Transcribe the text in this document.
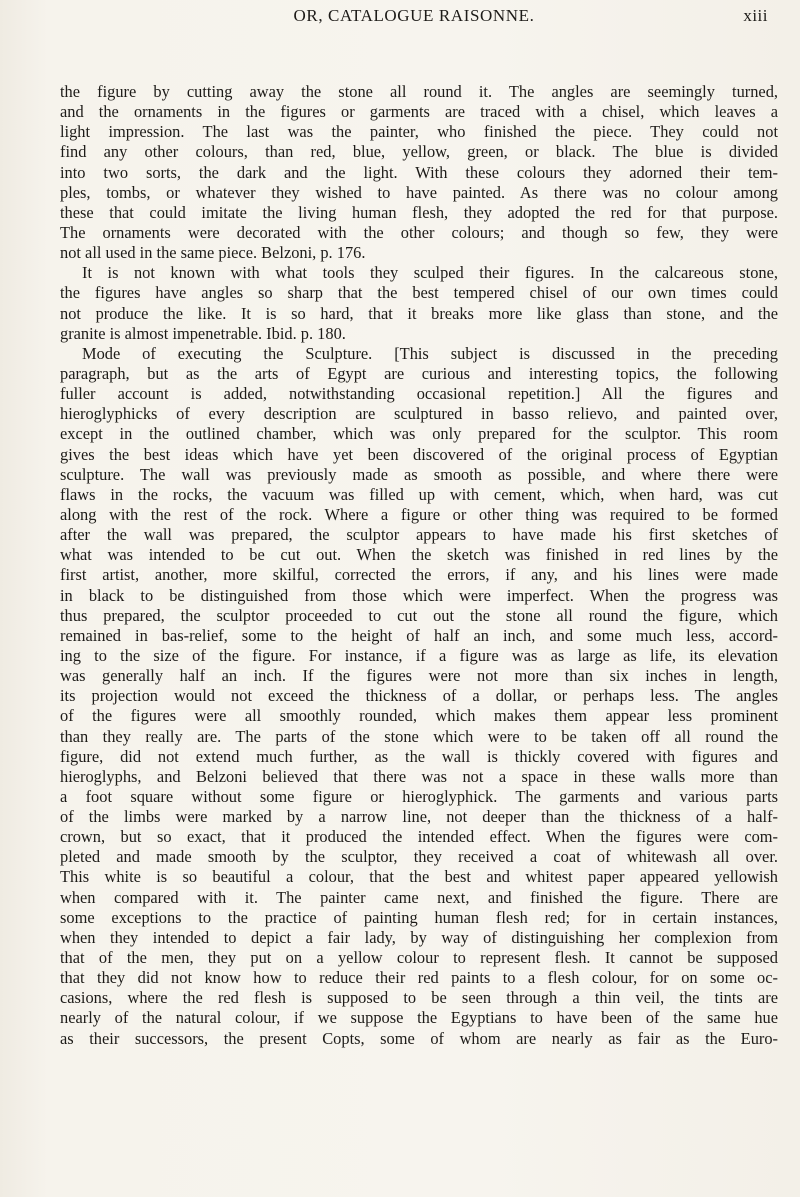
OR, CATALOGUE RAISONNE.	xiii
the figure by cutting away the stone all round it. The angles are seemingly turned,
and the ornaments in the figures or garments are traced with a chisel, which leaves a
light impression. The last was the painter, who finished the piece. They could not
find any other colours, than red, blue, yellow, green, or black. The blue is divided
into two sorts, the dark and the light. With these colours they adorned their tem-
ples, tombs, or whatever they wished to have painted. As there was no colour among
these that could imitate the living human flesh, they adopted the red for that purpose.
The ornaments were decorated with the other colours; and though so few, they were
not all used in the same piece. Belzoni, p. 176.
It is not known with what tools they sculped their figures. In the calcareous stone,
the figures have angles so sharp that the best tempered chisel of our own times could
not produce the like. It is so hard, that it breaks more like glass than stone, and the
granite is almost impenetrable. Ibid. p. 180.
Mode of executing the Sculpture. [This subject is discussed in the preceding
paragraph, but as the arts of Egypt are curious and interesting topics, the following
fuller account is added, notwithstanding occasional repetition.] All the figures and
hieroglyphicks of every description are sculptured in basso relievo, and painted over,
except in the outlined chamber, which was only prepared for the sculptor. This room
gives the best ideas which have yet been discovered of the original process of Egyptian
sculpture. The wall was previously made as smooth as possible, and where there were
flaws in the rocks, the vacuum was filled up with cement, which, when hard, was cut
along with the rest of the rock. Where a figure or other thing was required to be formed
after the wall was prepared, the sculptor appears to have made his first sketches of
what was intended to be cut out. When the sketch was finished in red lines by the
first artist, another, more skilful, corrected the errors, if any, and his lines were made
in black to be distinguished from those which were imperfect. When the progress was
thus prepared, the sculptor proceeded to cut out the stone all round the figure, which
remained in bas-relief, some to the height of half an inch, and some much less, accord-
ing to the size of the figure. For instance, if a figure was as large as life, its elevation
was generally half an inch. If the figures were not more than six inches in length,
its projection would not exceed the thickness of a dollar, or perhaps less. The angles
of the figures were all smoothly rounded, which makes them appear less prominent
than they really are. The parts of the stone which were to be taken off all round the
figure, did not extend much further, as the wall is thickly covered with figures and
hieroglyphs, and Belzoni believed that there was not a space in these walls more than
a foot square without some figure or hieroglyphick. The garments and various parts
of the limbs were marked by a narrow line, not deeper than the thickness of a half-
crown, but so exact, that it produced the intended effect. When the figures were com-
pleted and made smooth by the sculptor, they received a coat of whitewash all over.
This white is so beautiful a colour, that the best and whitest paper appeared yellowish
when compared with it. The painter came next, and finished the figure. There are
some exceptions to the practice of painting human flesh red; for in certain instances,
when they intended to depict a fair lady, by way of distinguishing her complexion from
that of the men, they put on a yellow colour to represent flesh. It cannot be supposed
that they did not know how to reduce their red paints to a flesh colour, for on some oc-
casions, where the red flesh is supposed to be seen through a thin veil, the tints are
nearly of the natural colour, if we suppose the Egyptians to have been of the same hue
as their successors, the present Copts, some of whom are nearly as fair as the Euro-
